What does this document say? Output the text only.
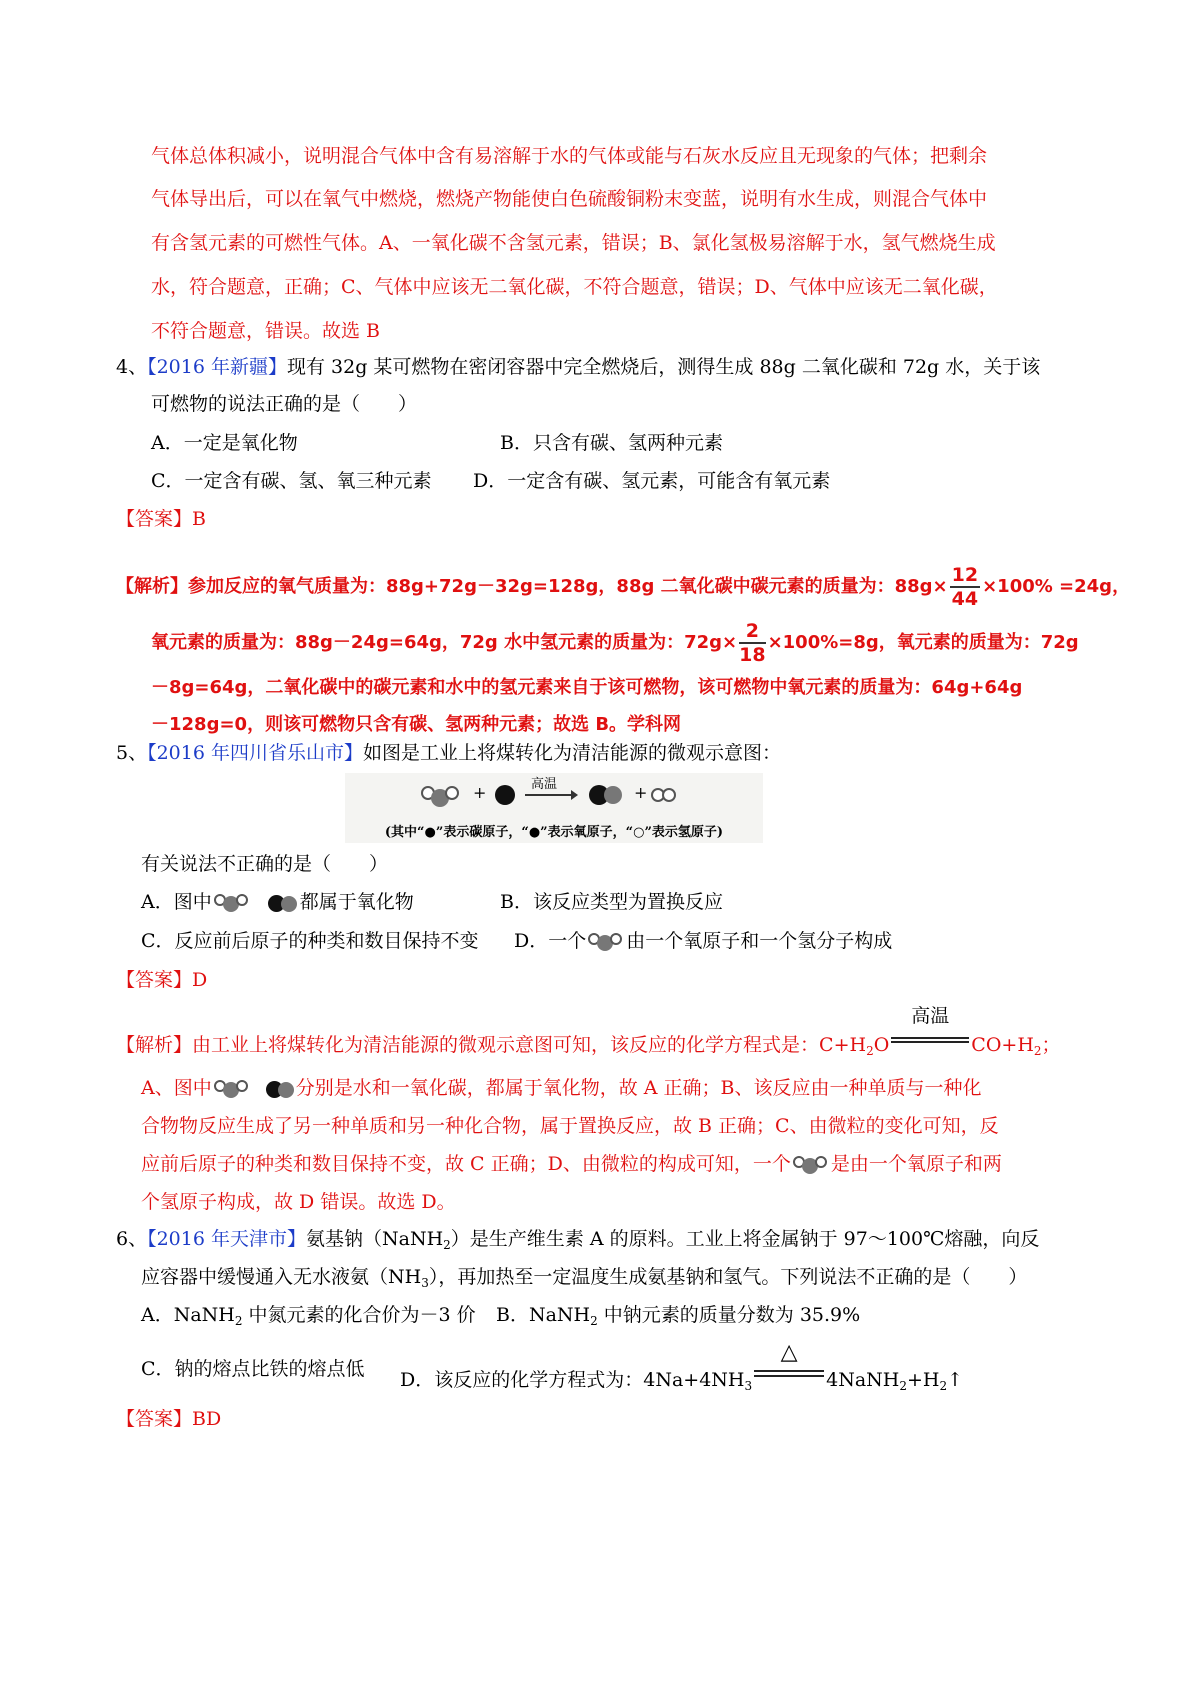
气体总体积减小，说明混合气体中含有易溶解于水的气体或能与石灰水反应且无现象的气体；把剩余
气体导出后，可以在氧气中燃烧，燃烧产物能使白色硫酸铜粉末变蓝，说明有水生成，则混合气体中
有含氢元素的可燃性气体。A、一氧化碳不含氢元素，错误；B、氯化氢极易溶解于水，氢气燃烧生成
水，符合题意，正确；C、气体中应该无二氧化碳，不符合题意，错误；D、气体中应该无二氧化碳，
不符合题意，错误。故选 B
4、【2016 年新疆】现有 32g 某可燃物在密闭容器中完全燃烧后，测得生成 88g 二氧化碳和 72g 水，关于该
可燃物的说法正确的是（　　）
A．一定是氧化物	B．只含有碳、氢两种元素
C．一定含有碳、氢、氧三种元素 D．一定含有碳、氢元素，可能含有氧元素
【答案】B
【解析】参加反应的氧气质量为：88g+72g－32g=128g，88g 二氧化碳中碳元素的质量为：$88g\times \frac{12}{44} \times 100\% =24g$，
氧元素的质量为：88g－24g=64g，72g 水中氢元素的质量为：$72g\times \frac{2}{18} \times 100\%=8g$，氧元素的质量为：72g
－8g=64g，二氧化碳中的碳元素和水中的氢元素来自于该可燃物，该可燃物中氧元素的质量为：64g+64g
－128g=0，则该可燃物只含有碳、氢两种元素；故选 B。学科网
5、【2016 年四川省乐山市】如图是工业上将煤转化为清洁能源的微观示意图：
+	高温	+
(其中“●”表示碳原子，“●”表示氧原子，“○”表示氢原子)
有关说法不正确的是（　　）
A．图中	都属于氧化物	B．该反应类型为置换反应
C．反应前后原子的种类和数目保持不变 D．一个 由一个氧原子和一个氢分子构成
【答案】D
【解析】由工业上将煤转化为清洁能源的微观示意图可知，该反应的化学方程式是：$C+H_2O$
高温
$CO+H_2$；
A、图中	分别是水和一氧化碳，都属于氧化物，故 A 正确；B、该反应由一种单质与一种化
合物物反应生成了另一种单质和另一种化合物，属于置换反应，故 B 正确；C、由微粒的变化可知，反
应前后原子的种类和数目保持不变，故 C 正确；D、由微粒的构成可知，一个 是由一个氧原子和两
个氢原子构成，故 D 错误。故选 D。
6、【2016 年天津市】氨基钠（NaNH$_2$）是生产维生素 A 的原料。工业上将金属钠于 97～100℃熔融，向反
应容器中缓慢通入无水液氨$(NH_3)$，再加热至一定温度生成氨基钠和氢气。下列说法不正确的是（　　）
A．NaNH$_2$ 中氮元素的化合价为－3 价 B．NaNH$_2$ 中钠元素的质量分数为 35.9%
C．钠的熔点比铁的熔点低 D．该反应的化学方程式为：$4Na+4NH_3$
△
$4NaNH_2+H_2↑$
【答案】BD
